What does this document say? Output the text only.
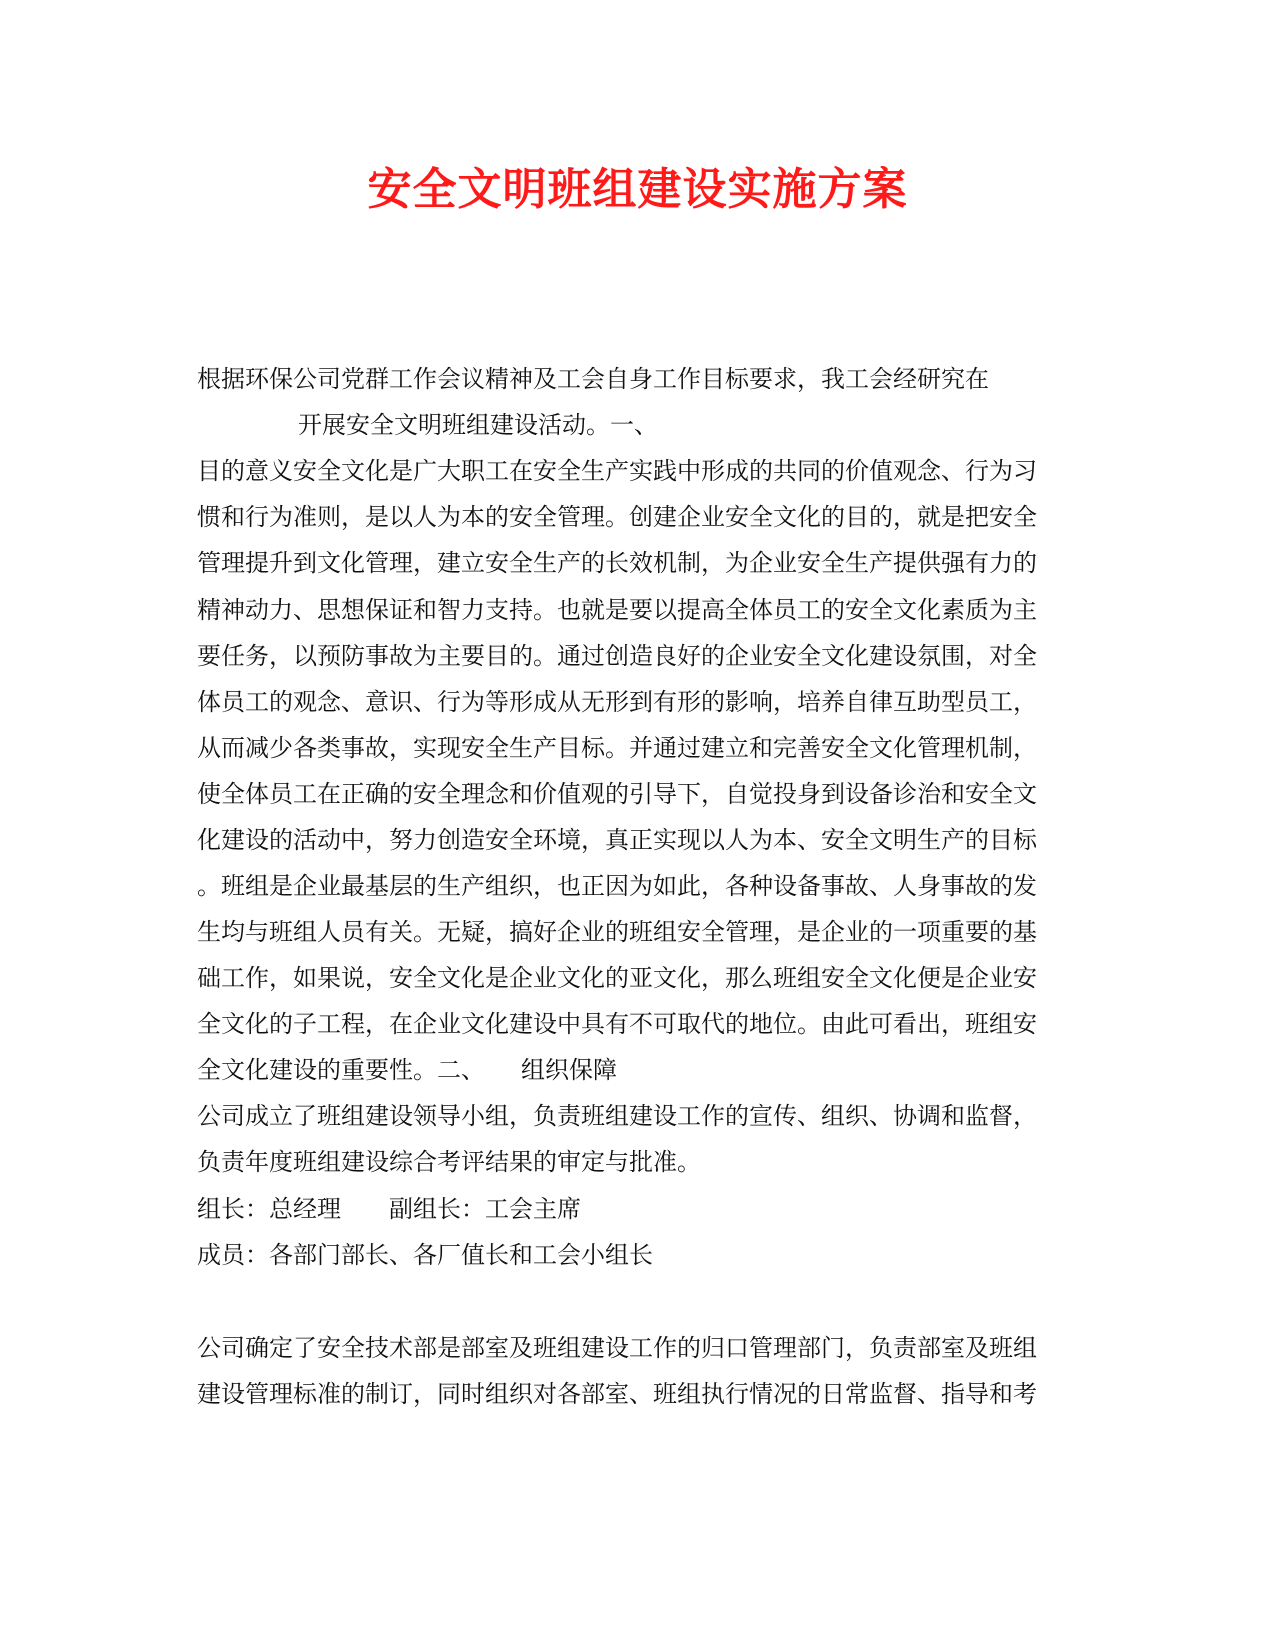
安全文明班组建设实施方案

根据环保公司党群工作会议精神及工会自身工作目标要求，我工会经研究在

开展安全文明班组建设活动。一、

目的意义安全文化是广大职工在安全生产实践中形成的共同的价值观念、行为习

惯和行为准则，是以人为本的安全管理。创建企业安全文化的目的，就是把安全

管理提升到文化管理，建立安全生产的长效机制，为企业安全生产提供强有力的

精神动力、思想保证和智力支持。也就是要以提高全体员工的安全文化素质为主

要任务，以预防事故为主要目的。通过创造良好的企业安全文化建设氛围，对全

体员工的观念、意识、行为等形成从无形到有形的影响，培养自律互助型员工，

从而减少各类事故，实现安全生产目标。并通过建立和完善安全文化管理机制，

使全体员工在正确的安全理念和价值观的引导下，自觉投身到设备诊治和安全文

化建设的活动中，努力创造安全环境，真正实现以人为本、安全文明生产的目标

。班组是企业最基层的生产组织，也正因为如此，各种设备事故、人身事故的发

生均与班组人员有关。无疑，搞好企业的班组安全管理，是企业的一项重要的基

础工作，如果说，安全文化是企业文化的亚文化，那么班组安全文化便是企业安

全文化的子工程，在企业文化建设中具有不可取代的地位。由此可看出，班组安

全文化建设的重要性。二、　　组织保障

公司成立了班组建设领导小组，负责班组建设工作的宣传、组织、协调和监督，

负责年度班组建设综合考评结果的审定与批准。

组长：总经理　　副组长：工会主席

成员：各部门部长、各厂值长和工会小组长

公司确定了安全技术部是部室及班组建设工作的归口管理部门，负责部室及班组

建设管理标准的制订，同时组织对各部室、班组执行情况的日常监督、指导和考
